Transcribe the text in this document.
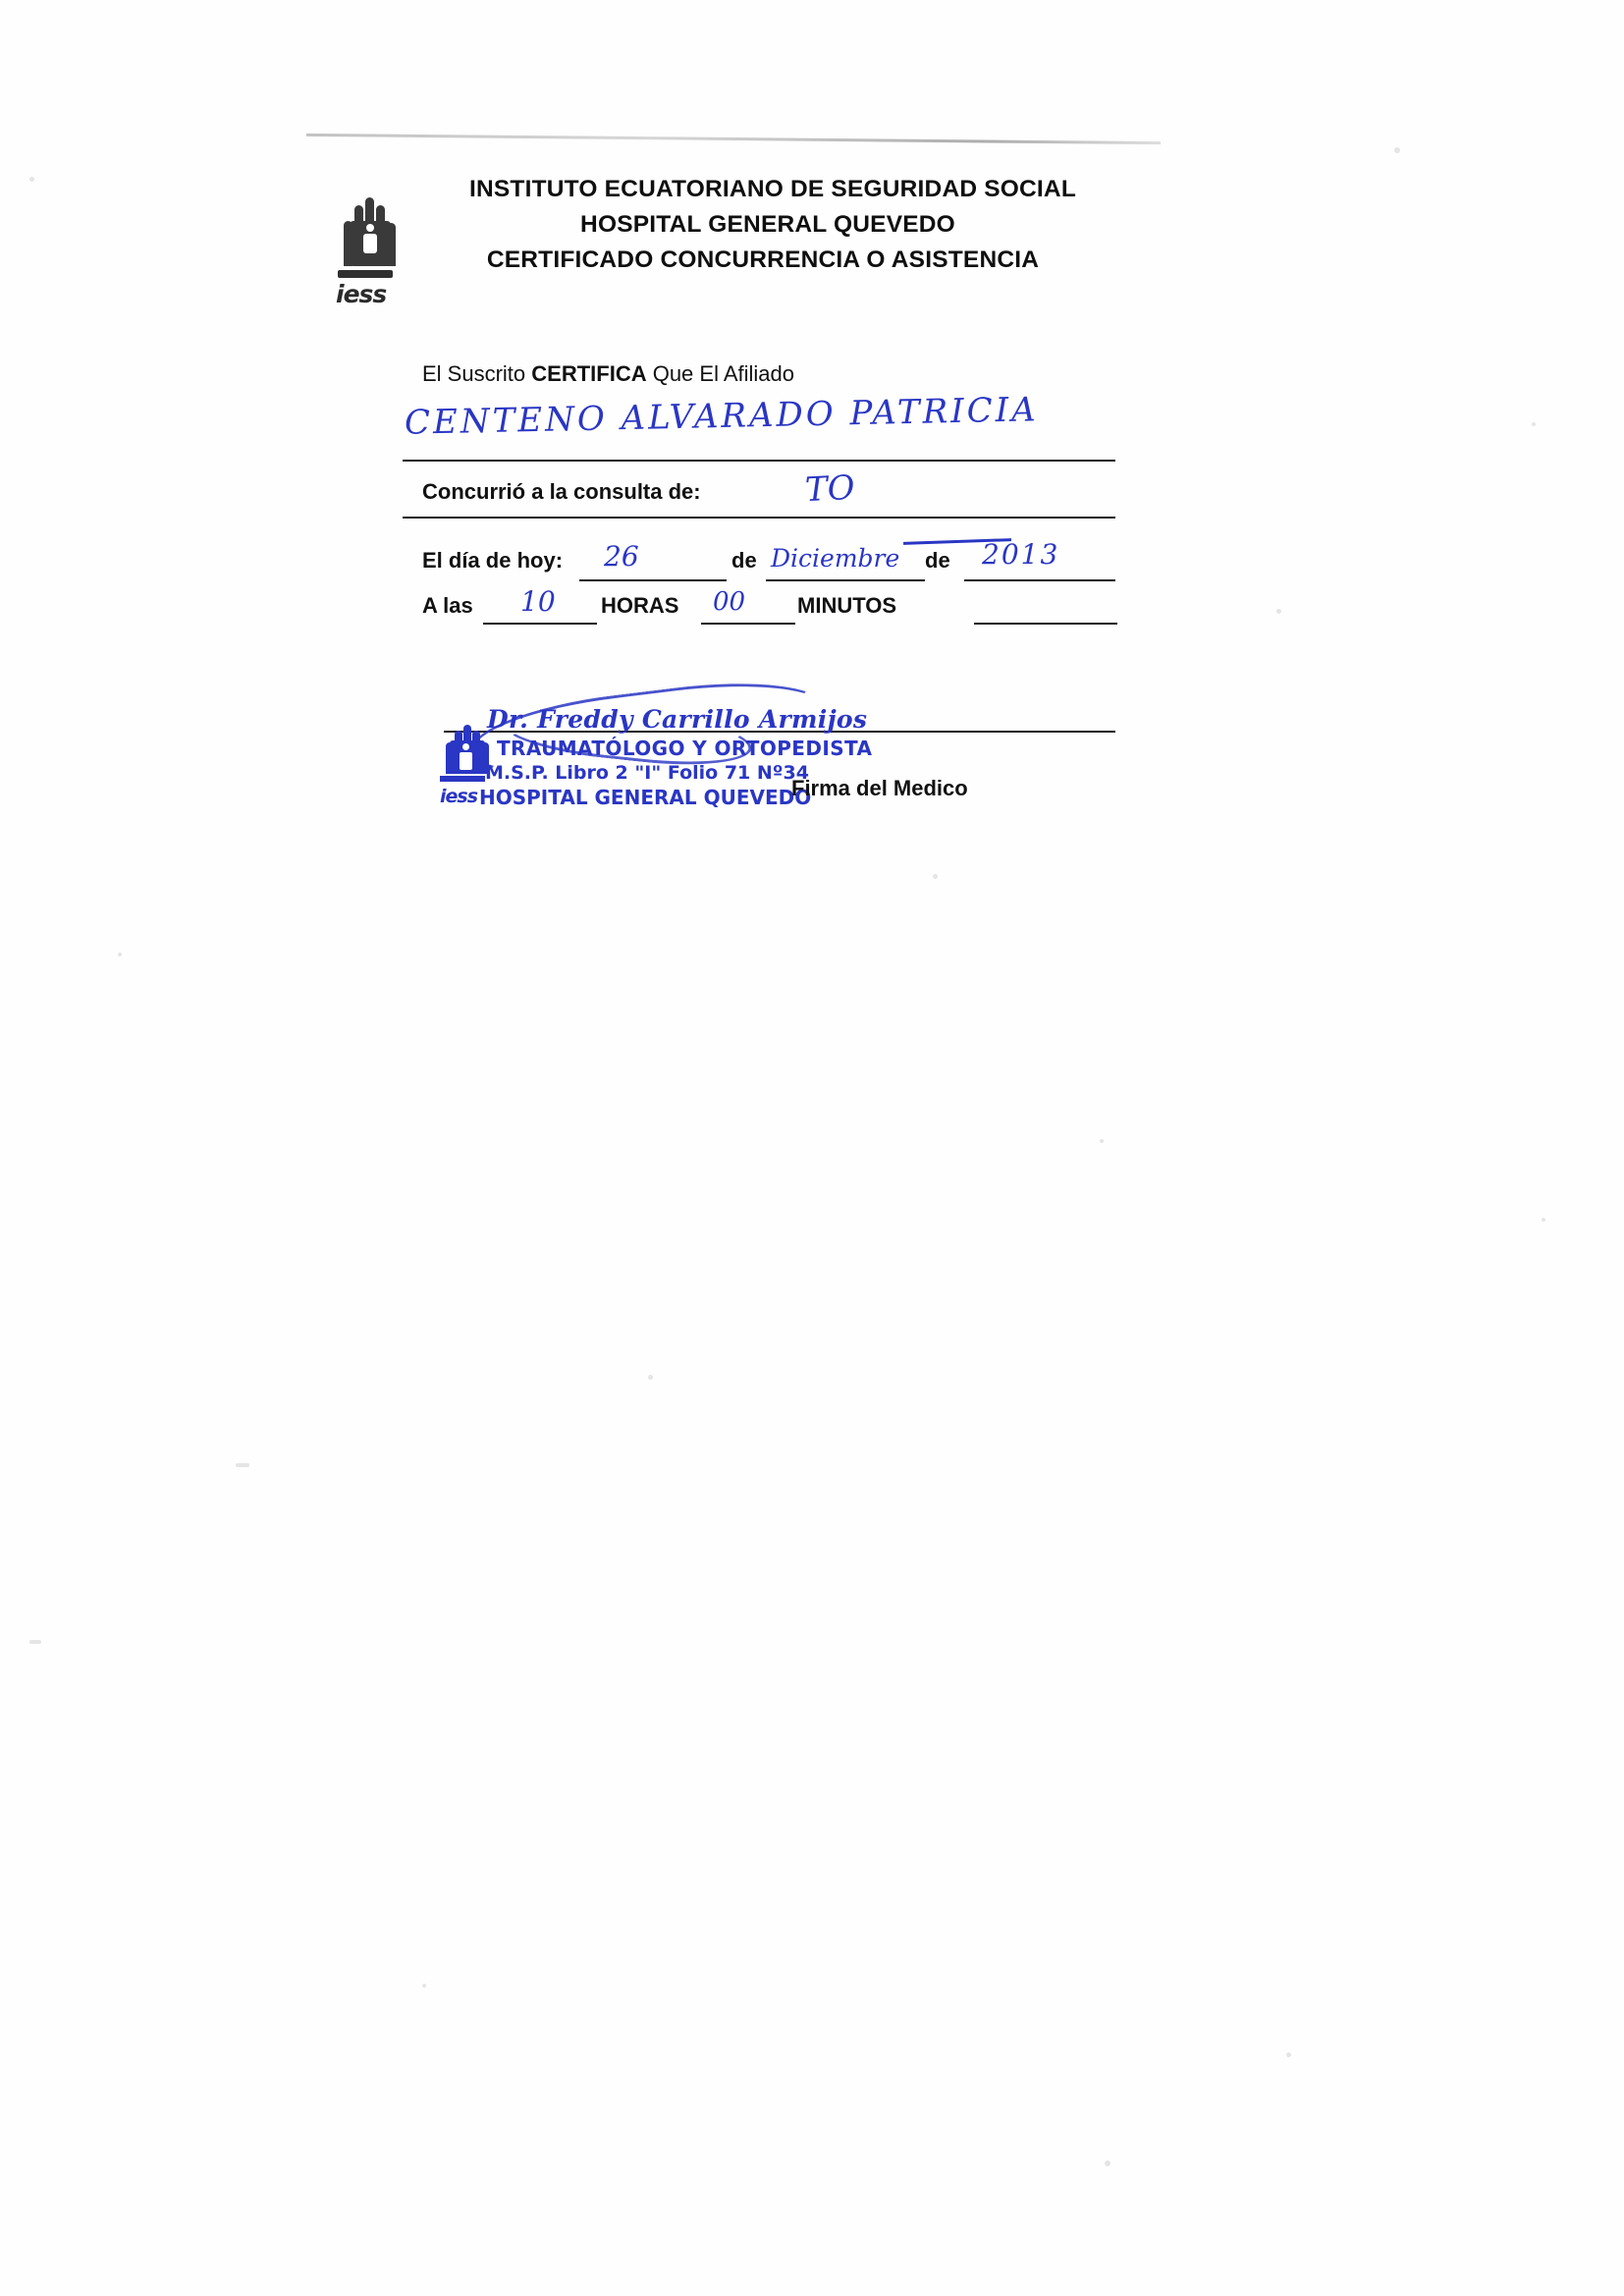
iess
INSTITUTO ECUATORIANO DE SEGURIDAD SOCIAL
HOSPITAL GENERAL QUEVEDO
CERTIFICADO CONCURRENCIA O ASISTENCIA
El Suscrito CERTIFICA Que El Afiliado
CENTENO ALVARADO PATRICIA
Concurrió a la consulta de:	TO
El día de hoy: 26	de Diciembre de 2013
A las 10 HORAS 00 MINUTOS
iess
Dr. Freddy Carrillo Armijos
TRAUMATÓLOGO Y ORTOPEDISTA
M.S.P. Libro 2 "I" Folio 71 Nº34
HOSPITAL GENERAL QUEVEDO
Firma del Medico
